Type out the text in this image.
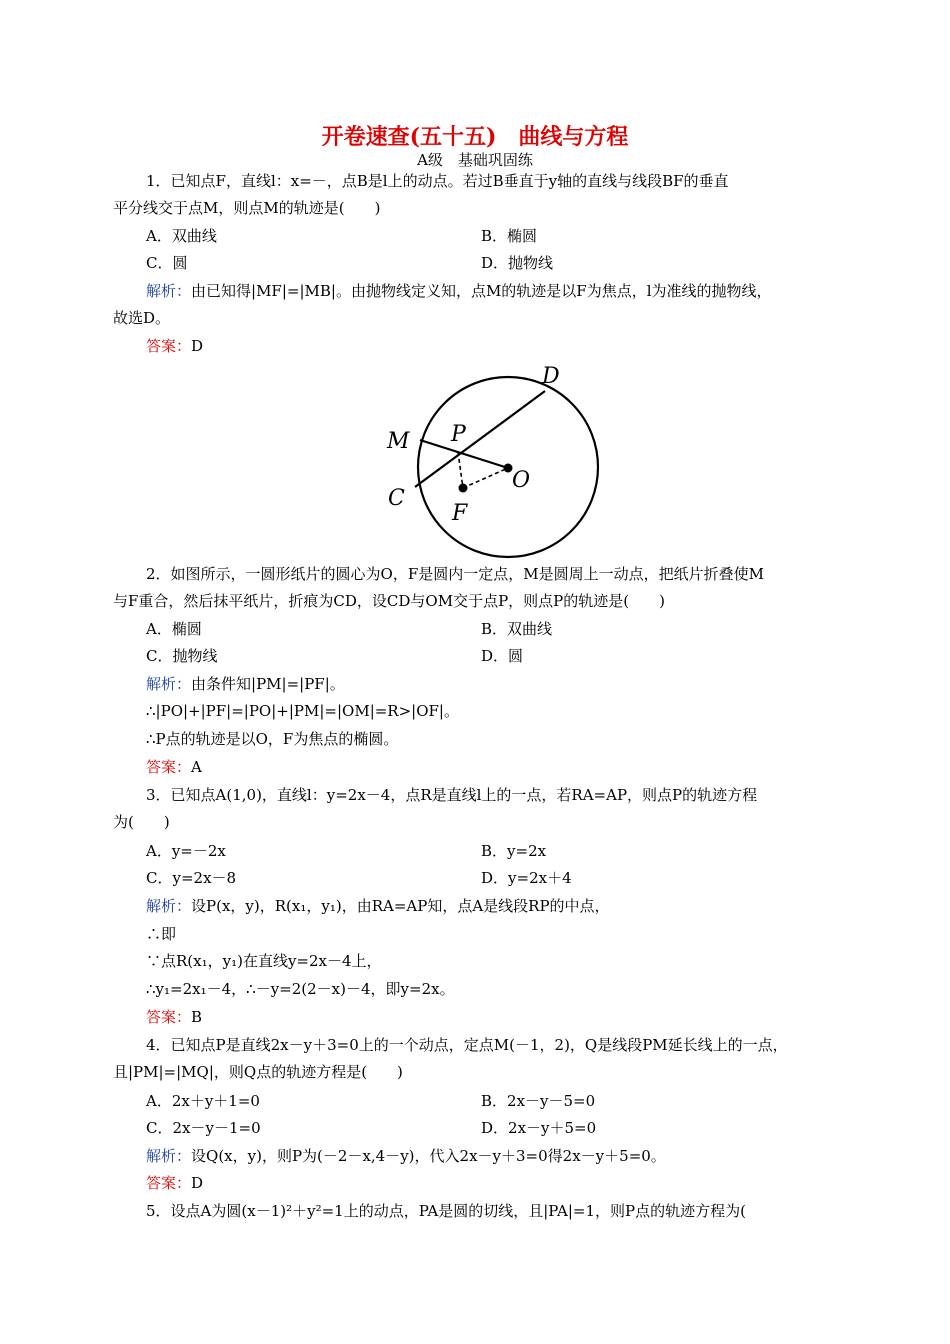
开卷速查(五十五)　曲线与方程
A级　基础巩固练
1．已知点F，直线l：x=－，点B是l上的动点。若过B垂直于y轴的直线与线段BF的垂直
平分线交于点M，则点M的轨迹是(　　)
A．双曲线	B．椭圆
C．圆	D．抛物线
解析：由已知得|MF|=|MB|。由抛物线定义知，点M的轨迹是以F为焦点，l为准线的抛物线，
故选D。
答案：D
D
M P
O
C
F
2．如图所示，一圆形纸片的圆心为O，F是圆内一定点，M是圆周上一动点，把纸片折叠使M
与F重合，然后抹平纸片，折痕为CD，设CD与OM交于点P，则点P的轨迹是(　　)
A．椭圆	B．双曲线
C．抛物线	D．圆
解析：由条件知|PM|=|PF|。
∴|PO|+|PF|=|PO|+|PM|=|OM|=R>|OF|。
∴P点的轨迹是以O，F为焦点的椭圆。
答案：A
3．已知点A(1,0)，直线l：y=2x－4，点R是直线l上的一点，若RA=AP，则点P的轨迹方程
为(　　)
A．y=－2x	B．y=2x
C．y=2x－8	D．y=2x＋4
解析：设P(x，y)，R(x₁，y₁)，由RA=AP知，点A是线段RP的中点，
∴即
∵点R(x₁，y₁)在直线y=2x－4上，
∴y₁=2x₁－4，∴－y=2(2－x)－4，即y=2x。
答案：B
4．已知点P是直线2x－y＋3=0上的一个动点，定点M(－1，2)，Q是线段PM延长线上的一点，
且|PM|=|MQ|，则Q点的轨迹方程是(　　)
A．2x＋y＋1=0	B．2x－y－5=0
C．2x－y－1=0	D．2x－y＋5=0
解析：设Q(x，y)，则P为(－2－x,4－y)，代入2x－y＋3=0得2x－y＋5=0。
答案：D
5．设点A为圆(x－1)²＋y²=1上的动点，PA是圆的切线，且|PA|=1，则P点的轨迹方程为(
